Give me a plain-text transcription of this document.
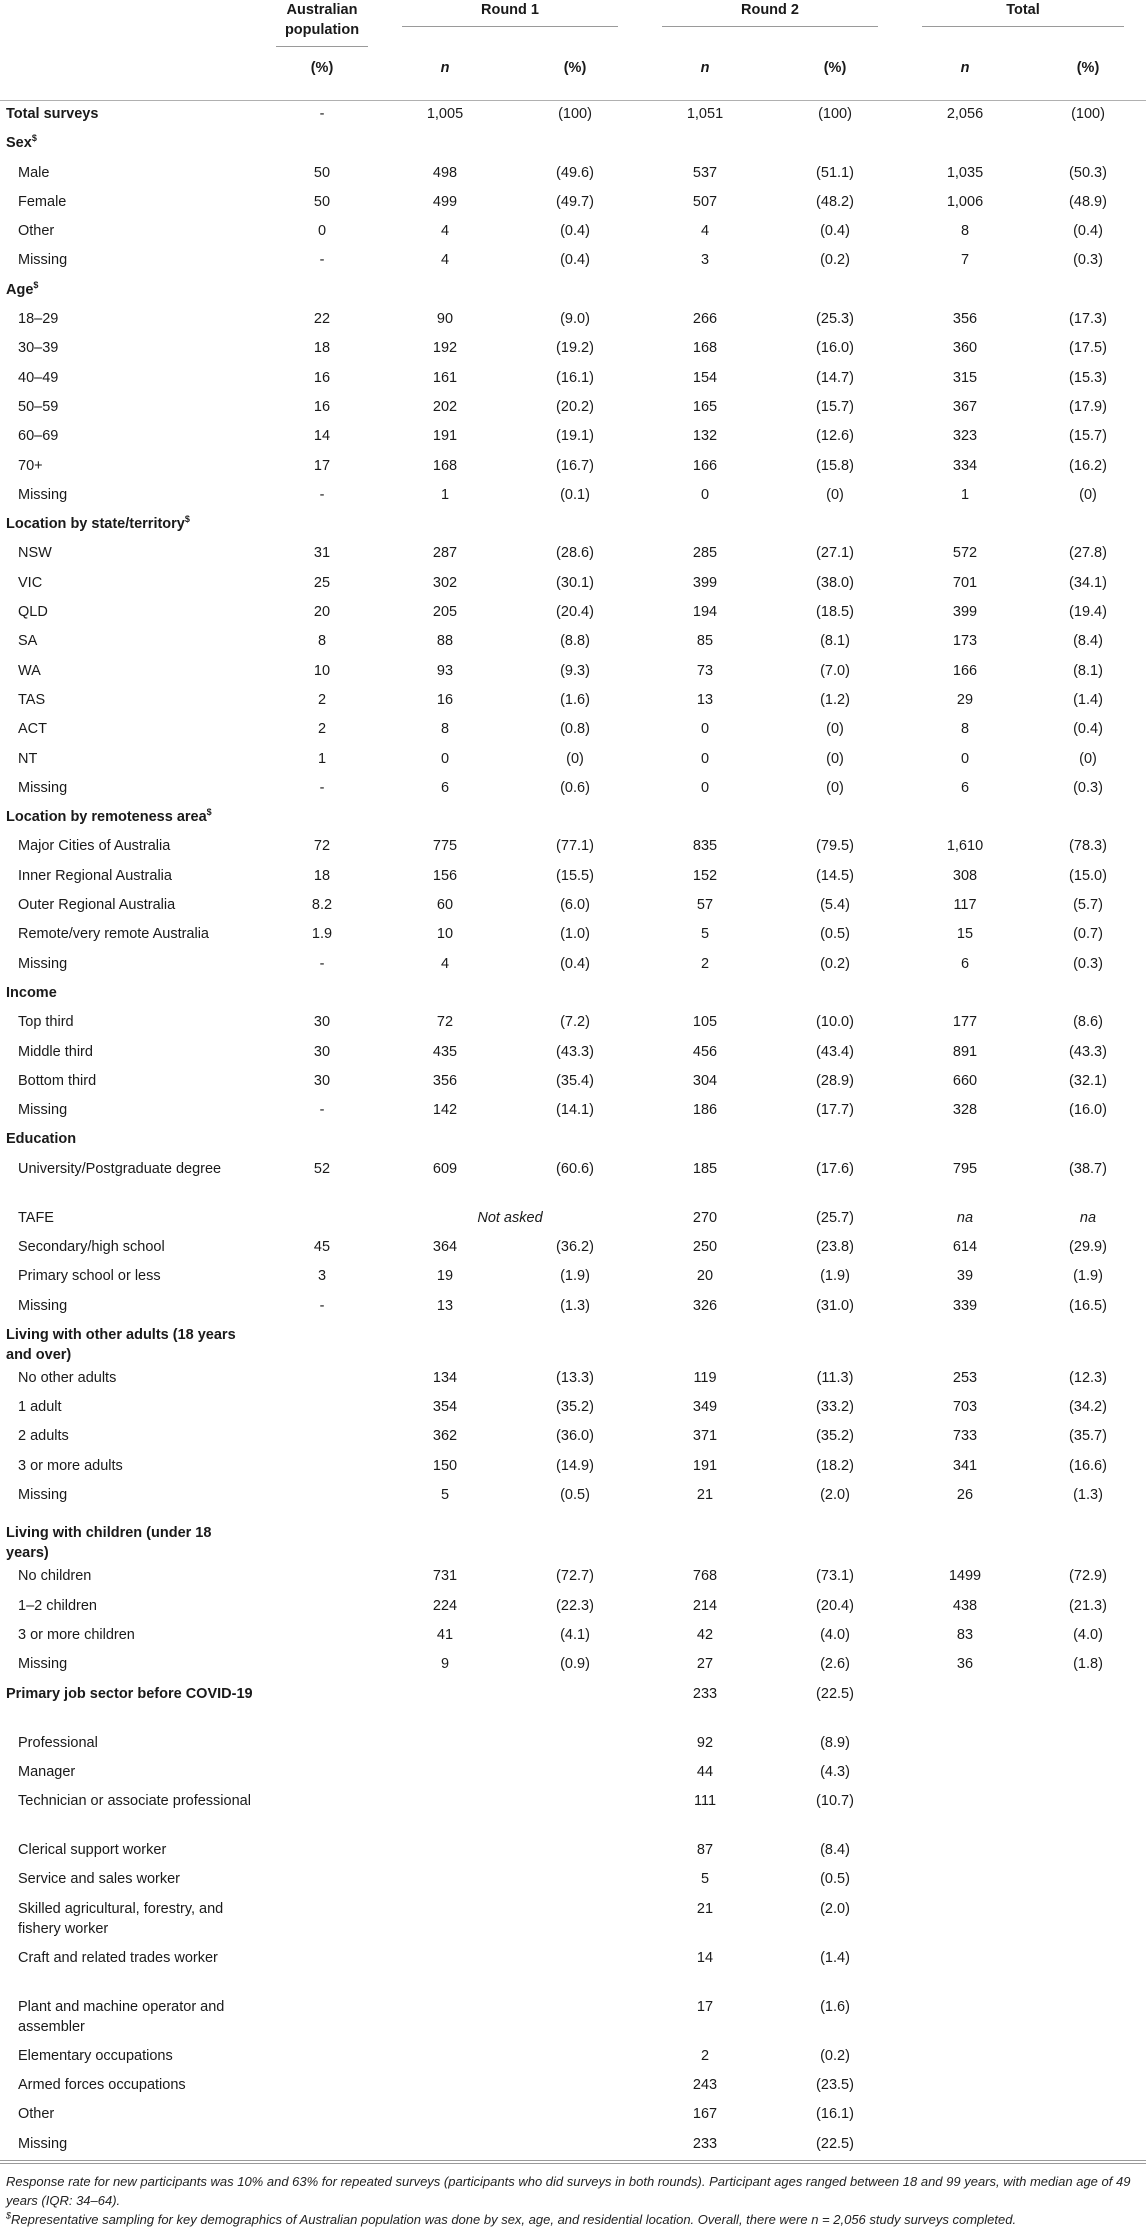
	Australian population	Round 1		Round 2		Total	

	(%)	n	(%)	n	(%)	n	(%)
Total surveys	-	1,005	(100)	1,051	(100)	2,056	(100)
Sex$							
Male	50	498	(49.6)	537	(51.1)	1,035	(50.3)
Female	50	499	(49.7)	507	(48.2)	1,006	(48.9)
Other	0	4	(0.4)	4	(0.4)	8	(0.4)
Missing	-	4	(0.4)	3	(0.2)	7	(0.3)
Age$							
18–29	22	90	(9.0)	266	(25.3)	356	(17.3)
30–39	18	192	(19.2)	168	(16.0)	360	(17.5)
40–49	16	161	(16.1)	154	(14.7)	315	(15.3)
50–59	16	202	(20.2)	165	(15.7)	367	(17.9)
60–69	14	191	(19.1)	132	(12.6)	323	(15.7)
70+	17	168	(16.7)	166	(15.8)	334	(16.2)
Missing	-	1	(0.1)	0	(0)	1	(0)
Location by state/territory$							
NSW	31	287	(28.6)	285	(27.1)	572	(27.8)
VIC	25	302	(30.1)	399	(38.0)	701	(34.1)
QLD	20	205	(20.4)	194	(18.5)	399	(19.4)
SA	8	88	(8.8)	85	(8.1)	173	(8.4)
WA	10	93	(9.3)	73	(7.0)	166	(8.1)
TAS	2	16	(1.6)	13	(1.2)	29	(1.4)
ACT	2	8	(0.8)	0	(0)	8	(0.4)
NT	1	0	(0)	0	(0)	0	(0)
Missing	-	6	(0.6)	0	(0)	6	(0.3)
Location by remoteness area$							
Major Cities of Australia	72	775	(77.1)	835	(79.5)	1,610	(78.3)
Inner Regional Australia	18	156	(15.5)	152	(14.5)	308	(15.0)
Outer Regional Australia	8.2	60	(6.0)	57	(5.4)	117	(5.7)
Remote/very remote Australia	1.9	10	(1.0)	5	(0.5)	15	(0.7)
Missing	-	4	(0.4)	2	(0.2)	6	(0.3)
Income							
Top third	30	72	(7.2)	105	(10.0)	177	(8.6)
Middle third	30	435	(43.3)	456	(43.4)	891	(43.3)
Bottom third	30	356	(35.4)	304	(28.9)	660	(32.1)
Missing	-	142	(14.1)	186	(17.7)	328	(16.0)
Education							
University/Postgraduate degree	52	609	(60.6)	185	(17.6)	795	(38.7)
TAFE		Not asked		270	(25.7)	na	na
Secondary/high school	45	364	(36.2)	250	(23.8)	614	(29.9)
Primary school or less	3	19	(1.9)	20	(1.9)	39	(1.9)
Missing	-	13	(1.3)	326	(31.0)	339	(16.5)
Living with other adults (18 years and over)							
No other adults		134	(13.3)	119	(11.3)	253	(12.3)
1 adult		354	(35.2)	349	(33.2)	703	(34.2)
2 adults		362	(36.0)	371	(35.2)	733	(35.7)
3 or more adults		150	(14.9)	191	(18.2)	341	(16.6)
Missing		5	(0.5)	21	(2.0)	26	(1.3)
Living with children (under 18 years)							
No children		731	(72.7)	768	(73.1)	1499	(72.9)
1–2 children		224	(22.3)	214	(20.4)	438	(21.3)
3 or more children		41	(4.1)	42	(4.0)	83	(4.0)
Missing		9	(0.9)	27	(2.6)	36	(1.8)
Primary job sector before COVID-19				233	(22.5)		
Professional				92	(8.9)		
Manager				44	(4.3)		
Technician or associate professional				111	(10.7)		
Clerical support worker				87	(8.4)		
Service and sales worker				5	(0.5)		
Skilled agricultural, forestry, and fishery worker				21	(2.0)		
Craft and related trades worker				14	(1.4)		
Plant and machine operator and assembler				17	(1.6)		
Elementary occupations				2	(0.2)		
Armed forces occupations				243	(23.5)		
Other				167	(16.1)		
Missing				233	(22.5)		
Response rate for new participants was 10% and 63% for repeated surveys (participants who did surveys in both rounds). Participant ages ranged between 18 and 99 years, with median age of 49 years (IQR: 34–64).
$Representative sampling for key demographics of Australian population was done by sex, age, and residential location. Overall, there were n = 2,056 study surveys completed.
